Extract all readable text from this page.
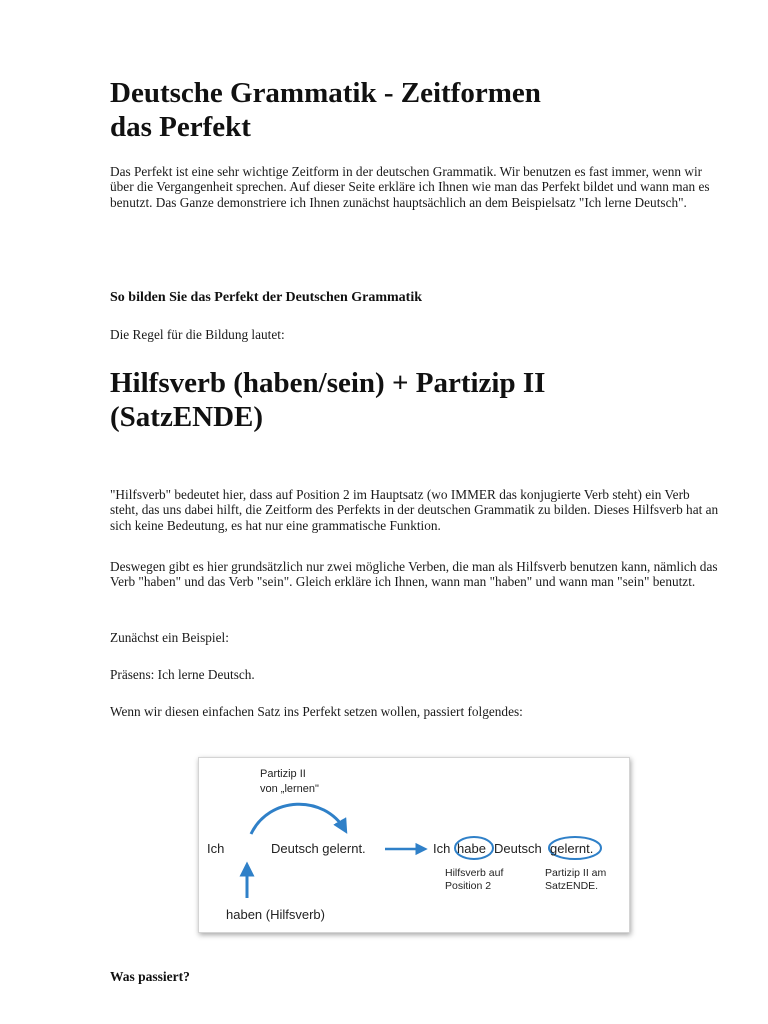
Deutsche Grammatik - Zeitformen
das Perfekt

Das Perfekt ist eine sehr wichtige Zeitform in der deutschen Grammatik. Wir benutzen es fast immer, wenn wir über die Vergangenheit sprechen. Auf dieser Seite erkläre ich Ihnen wie man das Perfekt bildet und wann man es benutzt. Das Ganze demonstriere ich Ihnen zunächst hauptsächlich an dem Beispielsatz "Ich lerne Deutsch".

So bilden Sie das Perfekt der Deutschen Grammatik

Die Regel für die Bildung lautet:

Hilfsverb (haben/sein) + Partizip II
(SatzENDE)

"Hilfsverb" bedeutet hier, dass auf Position 2 im Hauptsatz (wo IMMER das konjugierte Verb steht) ein Verb steht, das uns dabei hilft, die Zeitform des Perfekts in der deutschen Grammatik zu bilden. Dieses Hilfsverb hat an sich keine Bedeutung, es hat nur eine grammatische Funktion.

Deswegen gibt es hier grundsätzlich nur zwei mögliche Verben, die man als Hilfsverb benutzen kann, nämlich das Verb "haben" und das Verb "sein". Gleich erkläre ich Ihnen, wann man "haben" und wann man "sein" benutzt.

Zunächst ein Beispiel:

Präsens: Ich lerne Deutsch.

Wenn wir diesen einfachen Satz ins Perfekt setzen wollen, passiert folgendes:

Was passiert?
Partizip II
von „lernen"
Ich	Deutsch gelernt.
haben (Hilfsverb)
Ich habe Deutsch gelernt.
Hilfsverb auf
Position 2
Partizip II am
SatzENDE.
